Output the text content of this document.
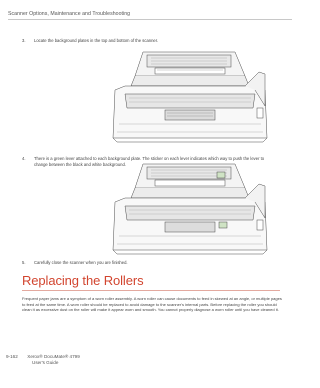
Scanner Options, Maintenance and Troubleshooting
3. Locate the background plates in the top and bottom of the scanner.
4. There is a green lever attached to each background plate. The sticker on each lever indicates which way to push the lever to change between the black and white background.
5. Carefully close the scanner when you are finished.
Replacing the Rollers

Frequent paper jams are a symptom of a worn roller assembly. A worn roller can cause documents to feed in skewed at an angle, or multiple pages to feed at the same time. A worn roller should be replaced to avoid damage to the scanner's internal parts. Before replacing the roller you should clean it as excessive dust on the roller will make it appear worn and smooth. You cannot properly diagnose a worn roller until you have cleaned it.

9-162 Xerox® DocuMate® 4799
User's Guide
